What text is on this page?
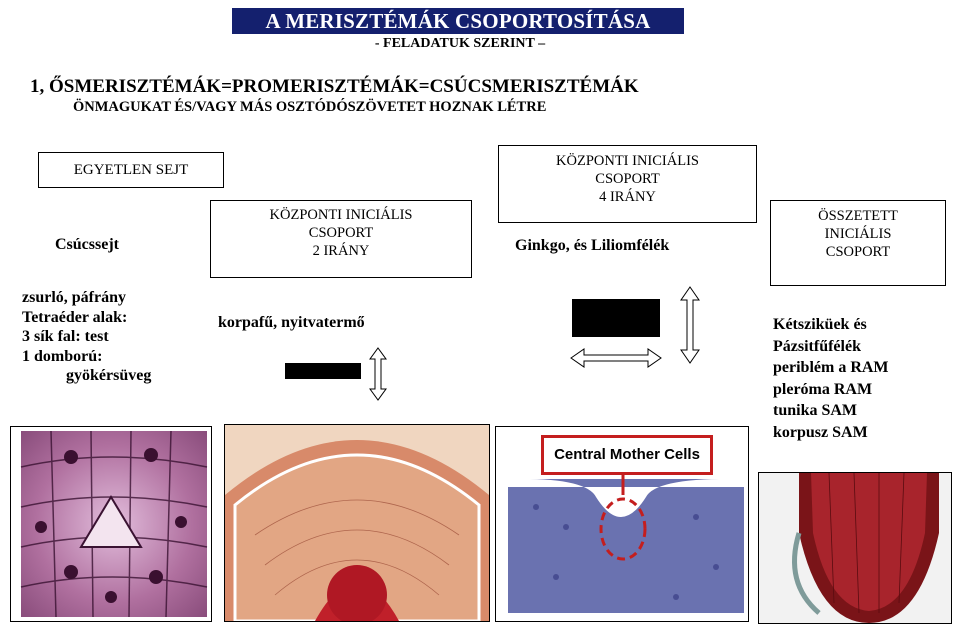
A MERISZTÉMÁK CSOPORTOSÍTÁSA
- FELADATUK SZERINT –
1, ŐSMERISZTÉMÁK=PROMERISZTÉMÁK=CSÚCSMERISZTÉMÁK
ÖNMAGUKAT ÉS/VAGY MÁS OSZTÓDÓSZÖVETET HOZNAK LÉTRE
EGYETLEN SEJT
KÖZPONTI INICIÁLIS
CSOPORT
2 IRÁNY
KÖZPONTI INICIÁLIS
CSOPORT
4 IRÁNY
ÖSSZETETT
INICIÁLIS
CSOPORT
Csúcssejt
zsurló, páfrány
Tetraéder alak:
3 sík fal: test
1 domború:
gyökérsüveg
korpafű, nyitvatermő
Ginkgo, és Liliomfélék
Kétsziküek és
Pázsitfűfélék
periblém a RAM
pleróma RAM
tunika SAM
korpusz SAM
Central Mother Cells
